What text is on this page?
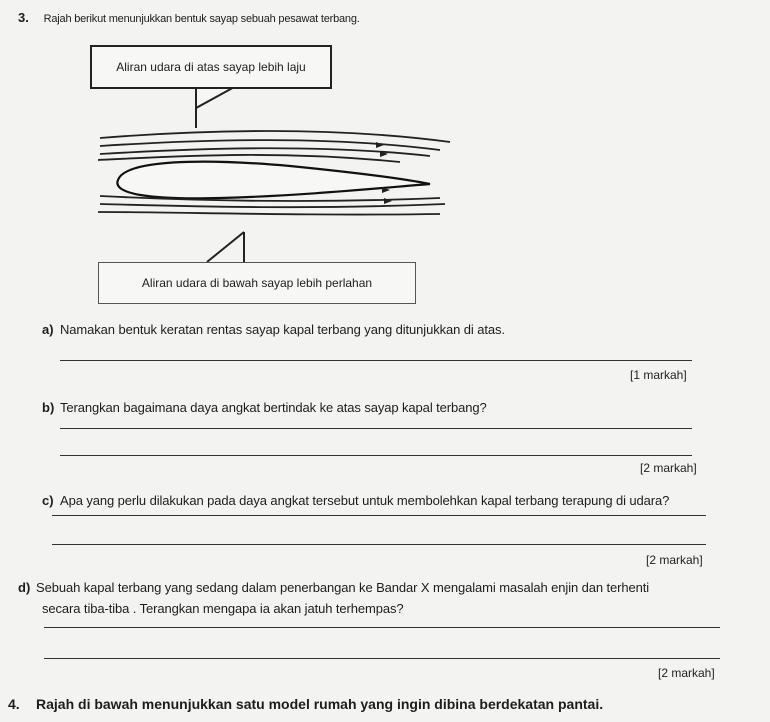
3. Rajah berikut menunjukkan bentuk sayap sebuah pesawat terbang.
Aliran udara di atas sayap lebih laju
Aliran udara di bawah sayap lebih perlahan
a) Namakan bentuk keratan rentas sayap kapal terbang yang ditunjukkan di atas.
[1 markah]
b) Terangkan bagaimana daya angkat bertindak ke atas sayap kapal terbang?
[2 markah]
c) Apa yang perlu dilakukan pada daya angkat tersebut untuk membolehkan kapal terbang terapung di udara?
[2 markah]
d) Sebuah kapal terbang yang sedang dalam penerbangan ke Bandar X mengalami masalah enjin dan terhenti
secara tiba-tiba . Terangkan mengapa ia akan jatuh terhempas?
[2 markah]
4. Rajah di bawah menunjukkan satu model rumah yang ingin dibina berdekatan pantai.
